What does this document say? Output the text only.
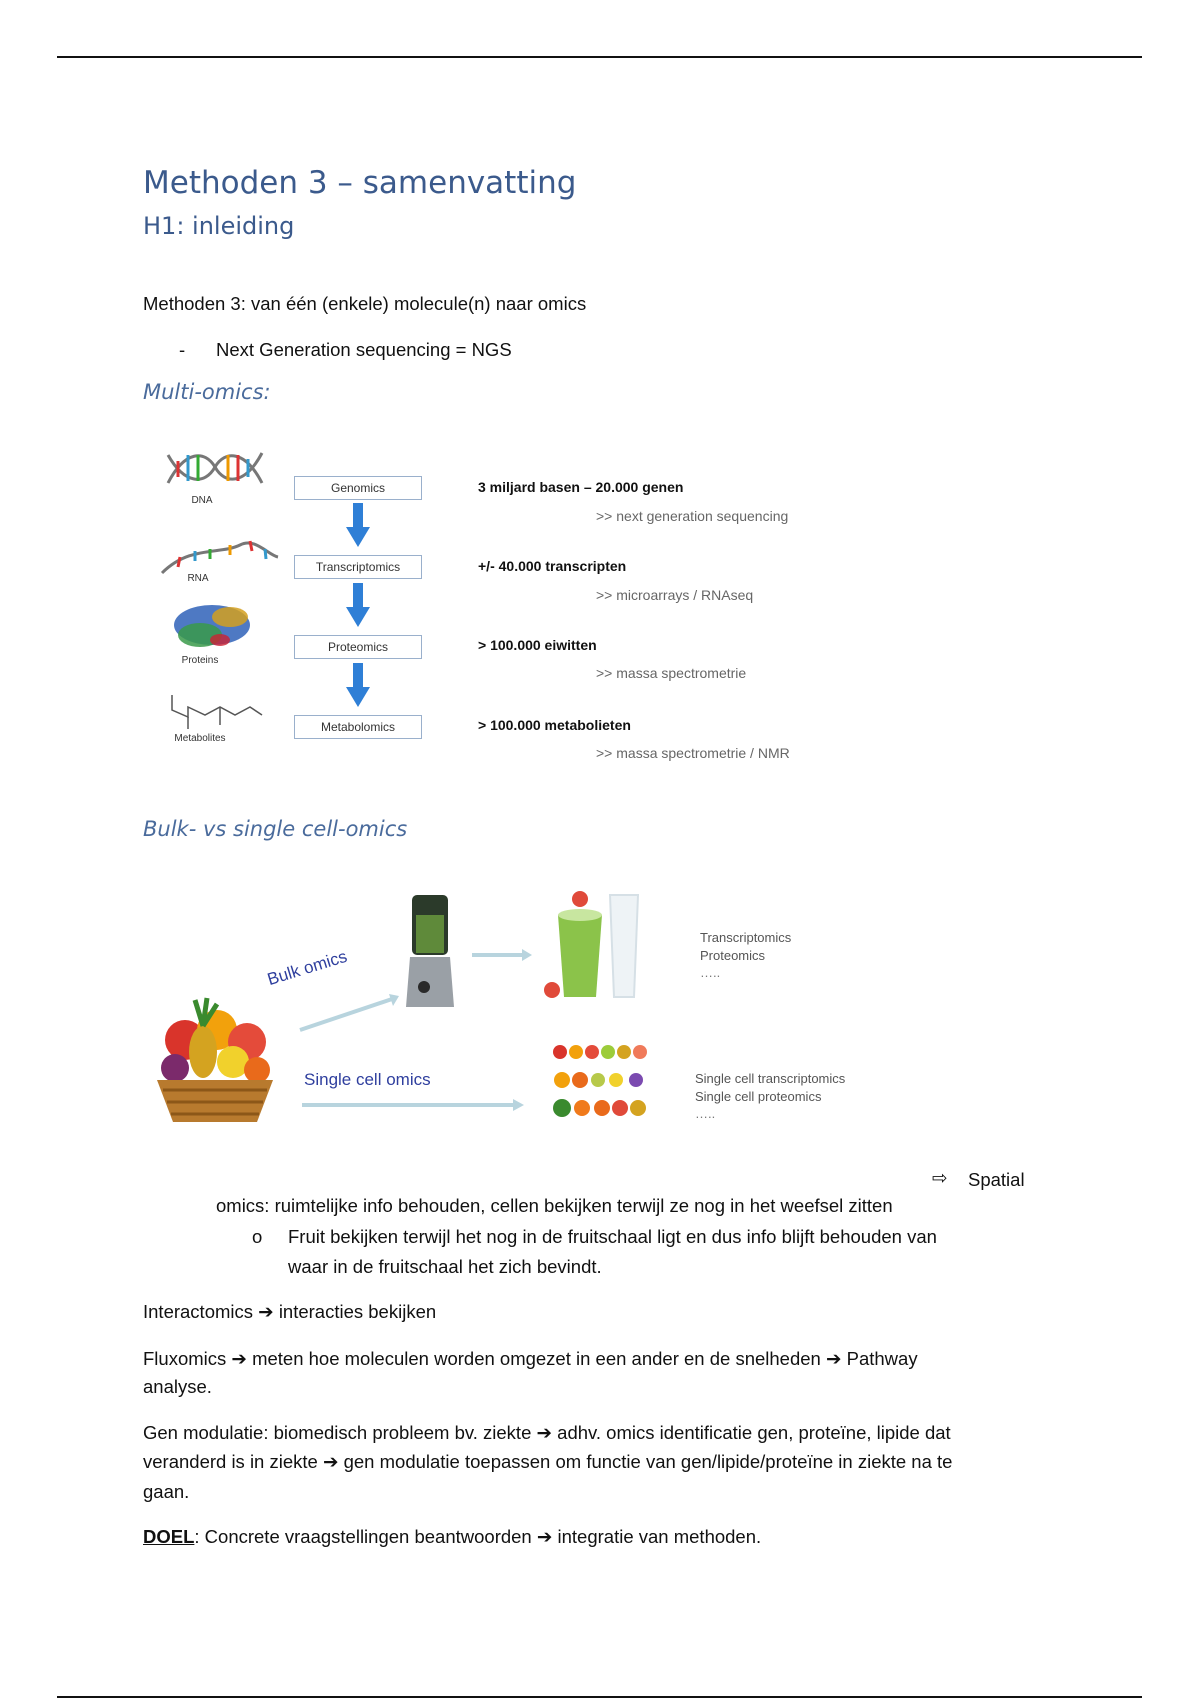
Methoden 3 – samenvatting
H1: inleiding
Methoden 3: van één (enkele) molecule(n) naar omics
- Next Generation sequencing = NGS
Multi-omics:
DNA
RNA
Proteins
Metabolites
Genomics
Transcriptomics
Proteomics
Metabolomics
3 miljard basen – 20.000 genen
>> next generation sequencing
+/- 40.000 transcripten
>> microarrays / RNAseq
> 100.000 eiwitten
>> massa spectrometrie
> 100.000 metabolieten
>> massa spectrometrie / NMR
Bulk- vs single cell-omics
Bulk omics
Transcriptomics
Proteomics
…..
Single cell omics	Single cell transcriptomics
Single cell proteomics
…..
⇨ Spatial
omics: ruimtelijke info behouden, cellen bekijken terwijl ze nog in het weefsel zitten
o Fruit bekijken terwijl het nog in de fruitschaal ligt en dus info blijft behouden van
waar in de fruitschaal het zich bevindt.
Interactomics ➔ interacties bekijken
Fluxomics ➔ meten hoe moleculen worden omgezet in een ander en de snelheden ➔ Pathway
analyse.
Gen modulatie: biomedisch probleem bv. ziekte ➔ adhv. omics identificatie gen, proteïne, lipide dat
veranderd is in ziekte ➔ gen modulatie toepassen om functie van gen/lipide/proteïne in ziekte na te
gaan.
DOEL: Concrete vraagstellingen beantwoorden ➔ integratie van methoden.
